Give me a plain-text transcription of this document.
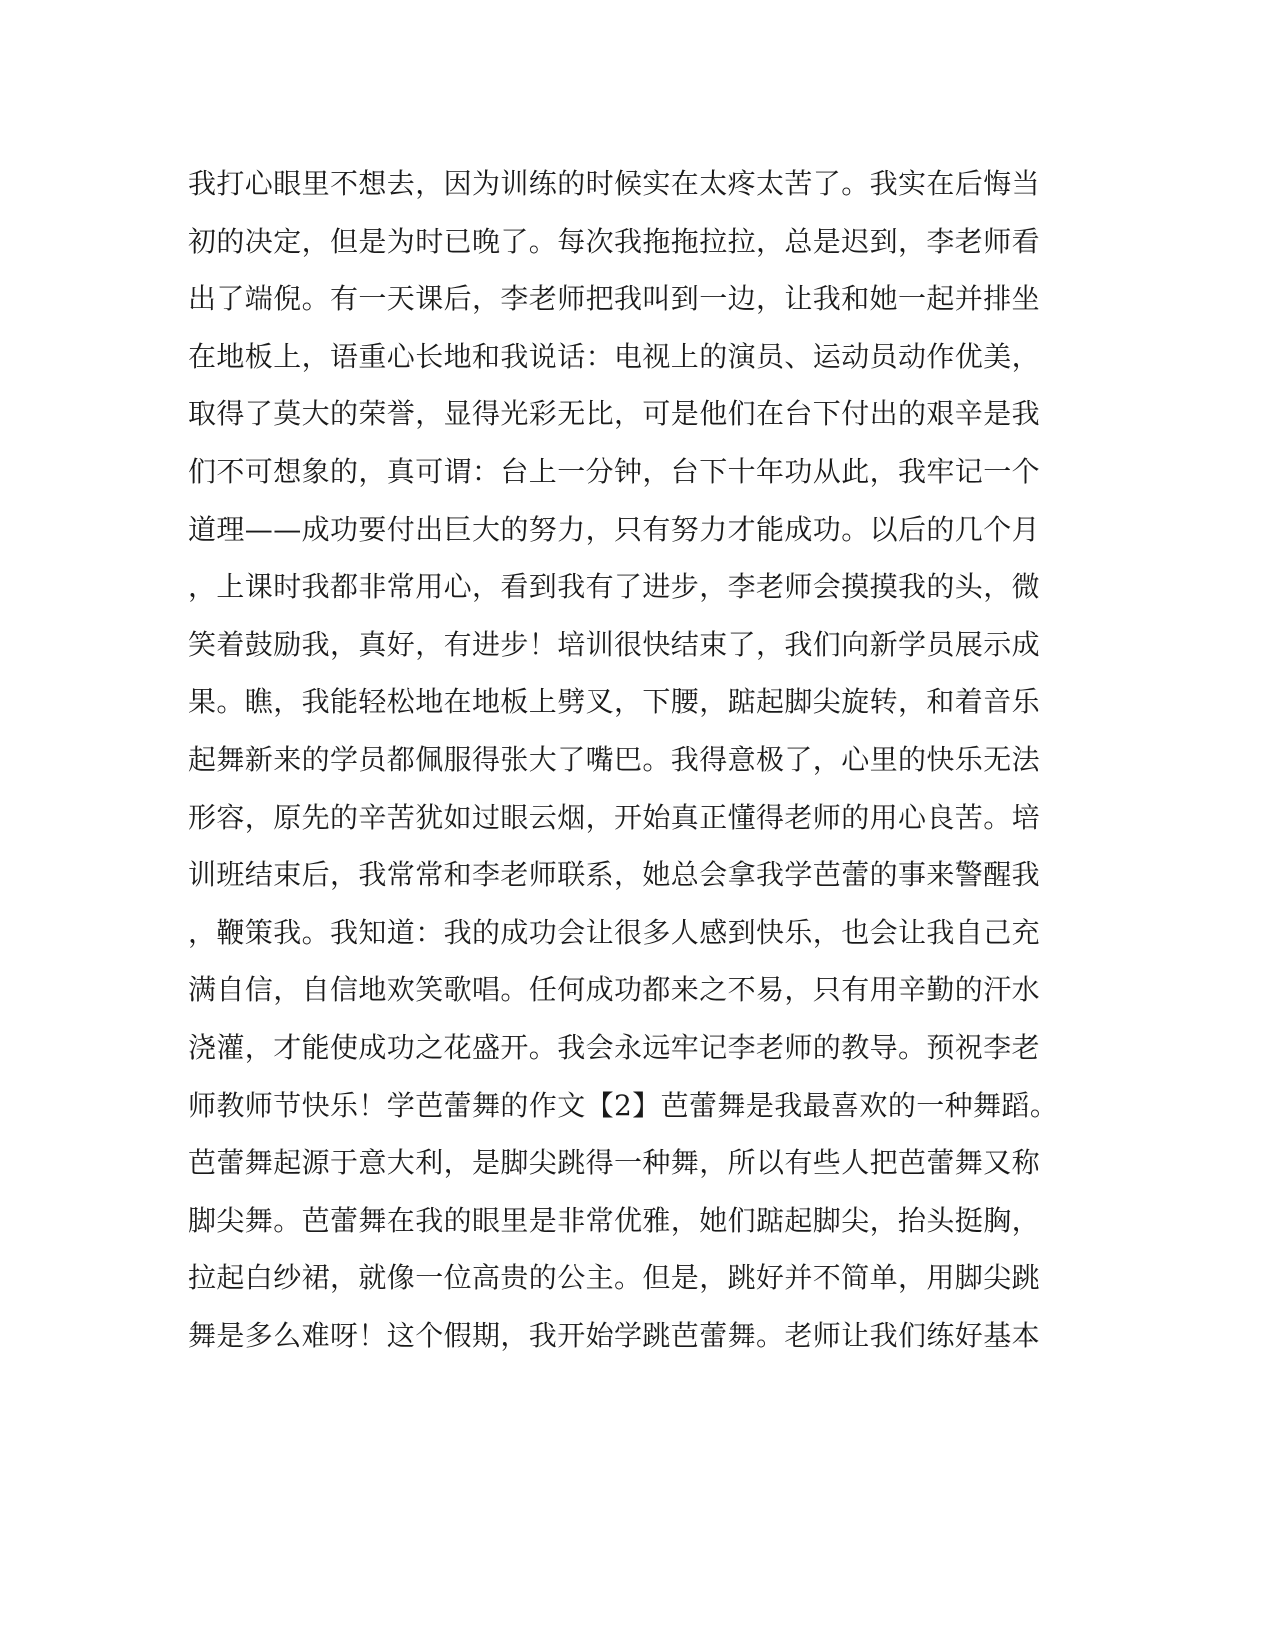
我打心眼里不想去，因为训练的时候实在太疼太苦了。我实在后悔当
初的决定，但是为时已晚了。每次我拖拖拉拉，总是迟到，李老师看
出了端倪。有一天课后，李老师把我叫到一边，让我和她一起并排坐
在地板上，语重心长地和我说话：电视上的演员、运动员动作优美，
取得了莫大的荣誉，显得光彩无比，可是他们在台下付出的艰辛是我
们不可想象的，真可谓：台上一分钟，台下十年功从此，我牢记一个
道理——成功要付出巨大的努力，只有努力才能成功。以后的几个月
，上课时我都非常用心，看到我有了进步，李老师会摸摸我的头，微
笑着鼓励我，真好，有进步！培训很快结束了，我们向新学员展示成
果。瞧，我能轻松地在地板上劈叉，下腰，踮起脚尖旋转，和着音乐
起舞新来的学员都佩服得张大了嘴巴。我得意极了，心里的快乐无法
形容，原先的辛苦犹如过眼云烟，开始真正懂得老师的用心良苦。培
训班结束后，我常常和李老师联系，她总会拿我学芭蕾的事来警醒我
，鞭策我。我知道：我的成功会让很多人感到快乐，也会让我自己充
满自信，自信地欢笑歌唱。任何成功都来之不易，只有用辛勤的汗水
浇灌，才能使成功之花盛开。我会永远牢记李老师的教导。预祝李老
师教师节快乐！学芭蕾舞的作文【2】芭蕾舞是我最喜欢的一种舞蹈。
芭蕾舞起源于意大利，是脚尖跳得一种舞，所以有些人把芭蕾舞又称
脚尖舞。芭蕾舞在我的眼里是非常优雅，她们踮起脚尖，抬头挺胸，
拉起白纱裙，就像一位高贵的公主。但是，跳好并不简单，用脚尖跳
舞是多么难呀！这个假期，我开始学跳芭蕾舞。老师让我们练好基本
